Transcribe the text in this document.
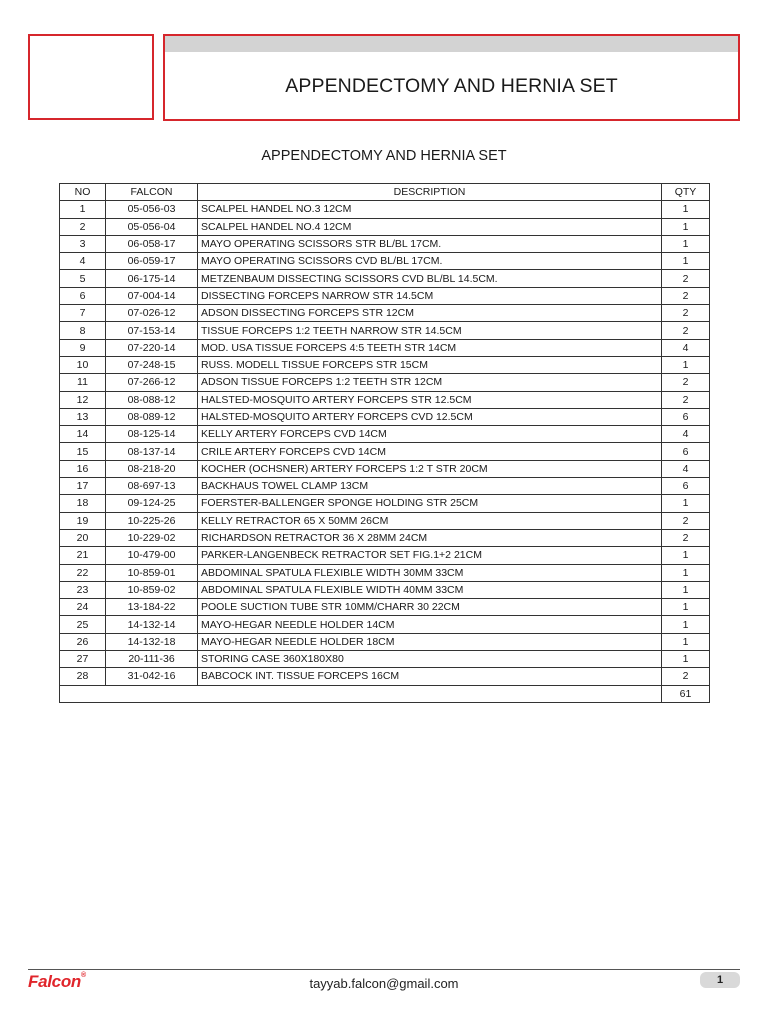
APPENDECTOMY AND HERNIA SET
APPENDECTOMY AND HERNIA SET
NO	FALCON	DESCRIPTION	QTY
1	05-056-03	SCALPEL HANDEL NO.3 12CM	1
2	05-056-04	SCALPEL HANDEL NO.4 12CM	1
3	06-058-17	MAYO OPERATING SCISSORS STR BL/BL 17CM.	1
4	06-059-17	MAYO OPERATING SCISSORS CVD BL/BL 17CM.	1
5	06-175-14	METZENBAUM DISSECTING SCISSORS CVD BL/BL 14.5CM.	2
6	07-004-14	DISSECTING FORCEPS NARROW STR 14.5CM	2
7	07-026-12	ADSON DISSECTING FORCEPS STR 12CM	2
8	07-153-14	TISSUE FORCEPS 1:2 TEETH NARROW STR 14.5CM	2
9	07-220-14	MOD. USA TISSUE FORCEPS 4:5 TEETH STR 14CM	4
10	07-248-15	RUSS. MODELL TISSUE FORCEPS STR 15CM	1
11	07-266-12	ADSON TISSUE FORCEPS 1:2 TEETH STR 12CM	2
12	08-088-12	HALSTED-MOSQUITO ARTERY FORCEPS STR 12.5CM	2
13	08-089-12	HALSTED-MOSQUITO ARTERY FORCEPS CVD 12.5CM	6
14	08-125-14	KELLY ARTERY FORCEPS CVD 14CM	4
15	08-137-14	CRILE ARTERY FORCEPS CVD 14CM	6
16	08-218-20	KOCHER (OCHSNER) ARTERY FORCEPS 1:2 T STR 20CM	4
17	08-697-13	BACKHAUS TOWEL CLAMP 13CM	6
18	09-124-25	FOERSTER-BALLENGER SPONGE HOLDING STR 25CM	1
19	10-225-26	KELLY RETRACTOR 65 X 50MM 26CM	2
20	10-229-02	RICHARDSON RETRACTOR 36 X 28MM 24CM	2
21	10-479-00	PARKER-LANGENBECK RETRACTOR SET FIG.1+2 21CM	1
22	10-859-01	ABDOMINAL SPATULA FLEXIBLE WIDTH 30MM 33CM	1
23	10-859-02	ABDOMINAL SPATULA FLEXIBLE WIDTH 40MM 33CM	1
24	13-184-22	POOLE SUCTION TUBE STR 10MM/CHARR 30 22CM	1
25	14-132-14	MAYO-HEGAR NEEDLE HOLDER 14CM	1
26	14-132-18	MAYO-HEGAR NEEDLE HOLDER 18CM	1
27	20-111-36	STORING CASE 360X180X80	1
28	31-042-16	BABCOCK INT. TISSUE FORCEPS 16CM	2
			61
Falcon®
tayyab.falcon@gmail.com	1
